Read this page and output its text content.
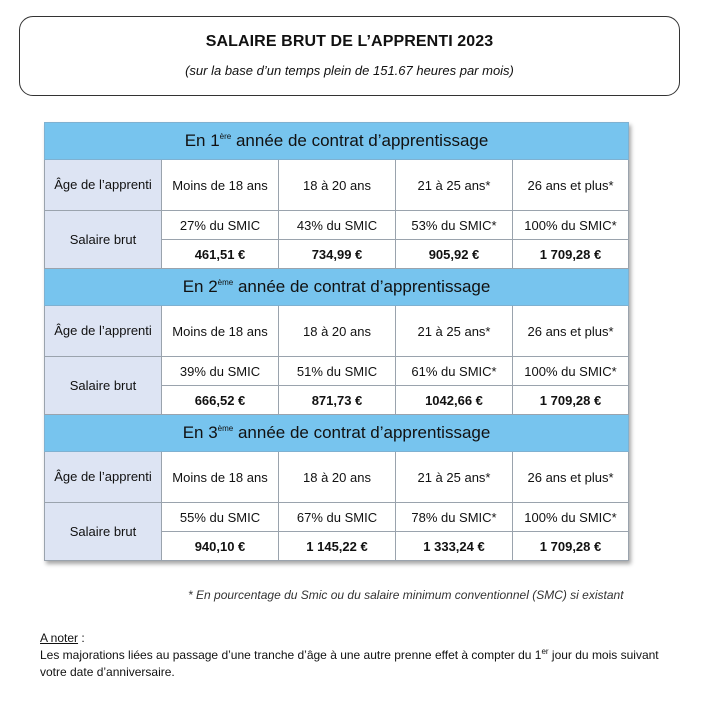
SALAIRE BRUT DE L’APPRENTI 2023
(sur la base d’un temps plein de 151.67 heures par mois)
En 1ère année de contrat d’apprentissage				
Âge de l’apprenti	Moins de 18 ans	18 à 20 ans	21 à 25 ans*	26 ans et plus*
Salaire brut	27% du SMIC	43% du SMIC	53% du SMIC*	100% du SMIC*
	461,51 €	734,99 €	905,92 €	1 709,28 €
En 2ème année de contrat d’apprentissage				
Âge de l’apprenti	Moins de 18 ans	18 à 20 ans	21 à 25 ans*	26 ans et plus*
Salaire brut	39% du SMIC	51% du SMIC	61% du SMIC*	100% du SMIC*
	666,52 €	871,73 €	1042,66 €	1 709,28 €
En 3ème année de contrat d’apprentissage				
Âge de l’apprenti	Moins de 18 ans	18 à 20 ans	21 à 25 ans*	26 ans et plus*
Salaire brut	55% du SMIC	67% du SMIC	78% du SMIC*	100% du SMIC*
	940,10 €	1 145,22 €	1 333,24 €	1 709,28 €
* En pourcentage du Smic ou du salaire minimum conventionnel (SMC) si existant
A noter :
Les majorations liées au passage d’une tranche d’âge à une autre prenne effet à compter du 1er jour du mois suivant votre date d’anniversaire.
